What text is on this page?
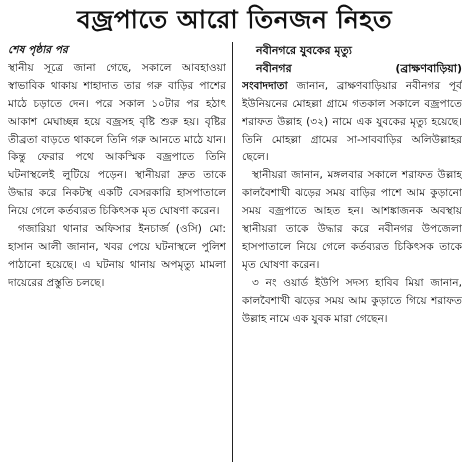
বজ্রপাতে আরো তিনজন নিহত
শেষ পৃষ্ঠার পর

স্থানীয় সূত্রে জানা গেছে, সকালে আবহাওয়া স্বাভাবিক থাকায় শাহাদাত তার গরু বাড়ির পাশের মাঠে চড়াতে দেন। পরে সকাল ১০টার পর হঠাৎ আকাশ মেঘাচ্ছন্ন হয়ে বজ্রসহ বৃষ্টি শুরু হয়। বৃষ্টির তীব্রতা বাড়তে থাকলে তিনি গরু আনতে মাঠে যান। কিন্তু ফেরার পথে আকস্মিক বজ্রপাতে তিনি ঘটনাস্থলেই লুটিয়ে পড়েন। স্থানীয়রা দ্রুত তাকে উদ্ধার করে নিকটস্থ একটি বেসরকারি হাসপাতালে নিয়ে গেলে কর্তব্যরত চিকিৎসক মৃত ঘোষণা করেন।

গজারিয়া থানার অফিসার ইনচার্জ (ওসি) মো: হাসান আলী জানান, খবর পেয়ে ঘটনাস্থলে পুলিশ পাঠানো হয়েছে। এ ঘটনায় থানায় অপমৃত্যু মামলা দায়েরের প্রস্তুতি চলছে।

নবীনগরে যুবকের মৃত্যু
নবীনগর	(ব্রাক্ষণবাড়িয়া)

সংবাদদাতা জানান, ব্রাক্ষণবাড়িয়ার নবীনগর পূর্ব ইউনিয়নের মোহল্লা গ্রামে গতকাল সকালে বজ্রপাতে শরাফত উল্লাহ (৩২) নামে এক যুবকের মৃত্যু হয়েছে। তিনি মোহল্লা গ্রামের সা-সাববাড়ির অলিউল্লাহর ছেলে।

স্থানীয়রা জানান, মঙ্গলবার সকালে শরাফত উল্লাহ কালবৈশাখী ঝড়ের সময় বাড়ির পাশে আম কুড়ানো সময় বজ্রপাতে আহত হন। আশঙ্কাজনক অবস্থায় স্থানীয়রা তাকে উদ্ধার করে নবীনগর উপজেলা হাসপাতালে নিয়ে গেলে কর্তব্যরত চিকিৎসক তাকে মৃত ঘোষণা করেন।

৩ নং ওয়ার্ড ইউপি সদস্য হাবিব মিয়া জানান, কালবৈশাখী ঝড়ের সময় আম কুড়াতে গিয়ে শরাফত উল্লাহ নামে এক যুবক মারা গেছেন।
